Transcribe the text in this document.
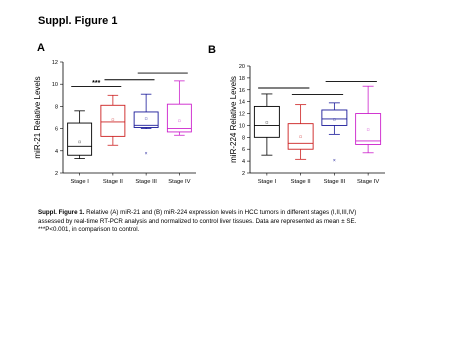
Suppl. Figure 1
A	B
2
4
6
8
10
12
miR-21 Relative Levels
Stage I Stage II Stage III Stage IV
×
***
2
4
6
8
10
12
14
16
18
20
miR-224 Relative Levels
Stage I	Stage II Stage III Stage IV
×
Suppl. Figure 1. Relative (A) miR-21 and (B) miR-224 expression levels in HCC tumors in different stages (I,II,III,IV)
assessed by real-time RT-PCR analysis and normalized to control liver tissues. Data are represented as mean ± SE.
***P<0.001, in comparison to control.
